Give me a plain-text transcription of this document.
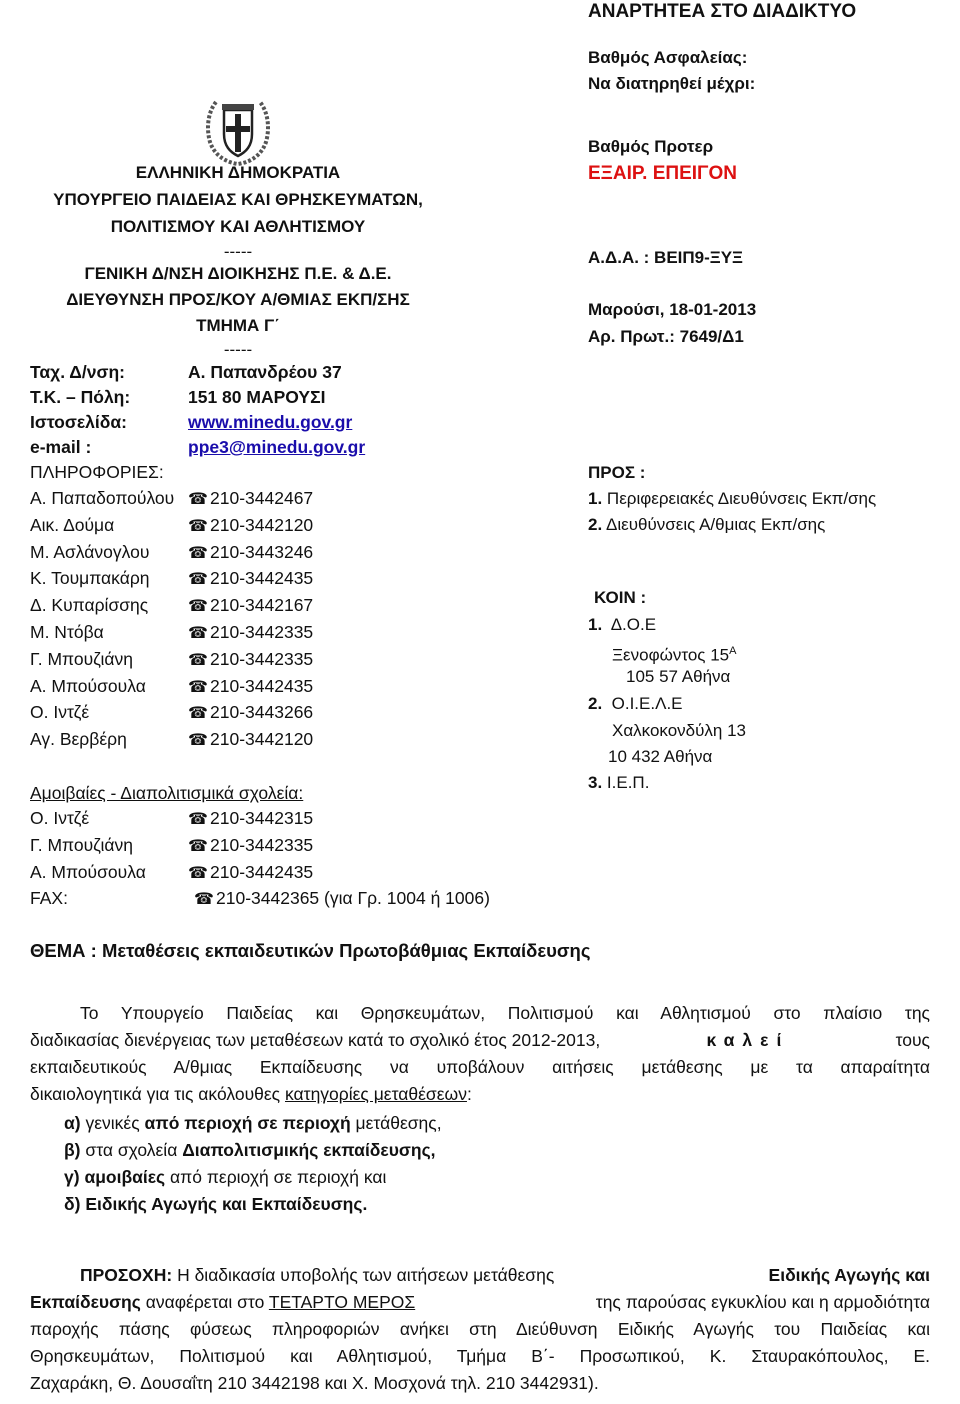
ΑΝΑΡΤΗΤΕΑ ΣΤΟ ΔΙΑΔΙΚΤΥΟ
Βαθμός Ασφαλείας:
Να διατηρηθεί μέχρι:
Βαθμός Προτερ
ΕΞΑΙΡ. ΕΠΕΙΓΟΝ
Α.Δ.Α. : ΒΕΙΠ9-ΞΥΞ
Μαρούσι, 18-01-2013
Αρ. Πρωτ.: 7649/Δ1
ΕΛΛΗΝΙΚΗ ΔΗΜΟΚΡΑΤΙΑ
ΥΠΟΥΡΓΕΙΟ ΠΑΙΔΕΙΑΣ ΚΑΙ ΘΡΗΣΚΕΥΜΑΤΩΝ,
ΠΟΛΙΤΙΣΜΟΥ ΚΑΙ ΑΘΛΗΤΙΣΜΟΥ
-----
ΓΕΝΙΚΗ Δ/ΝΣΗ ΔΙΟΙΚΗΣΗΣ Π.Ε. & Δ.Ε.
ΔΙΕΥΘΥΝΣΗ ΠΡΟΣ/ΚΟΥ Α/ΘΜΙΑΣ ΕΚΠ/ΣΗΣ
ΤΜΗΜΑ Γ΄
-----
Ταχ. Δ/νση:	Α. Παπανδρέου 37
Τ.Κ. – Πόλη:	151 80 ΜΑΡΟΥΣΙ
Ιστοσελίδα:	www.minedu.gov.gr
e-mail :	ppe3@minedu.gov.gr
ΠΛΗΡΟΦΟΡΙΕΣ:
Α. Παπαδοπούλου ☎ 210-3442467
Αικ. Δούμα	☎ 210-3442120
Μ. Ασλάνογλου ☎ 210-3443246
Κ. Τουμπακάρη ☎ 210-3442435
Δ. Κυπαρίσσης ☎ 210-3442167
Μ. Ντόβα	☎ 210-3442335
Γ. Μπουζιάνη	☎ 210-3442335
Α. Μπούσουλα	☎ 210-3442435
Ο. Ιντζέ	☎ 210-3443266
Αγ. Βερβέρη	☎ 210-3442120
Αμοιβαίες - Διαπολιτισμικά σχολεία:
Ο. Ιντζέ	☎ 210-3442315
Γ. Μπουζιάνη	☎ 210-3442335
Α. Μπούσουλα	☎ 210-3442435
FAX:	☎ 210-3442365 (για Γρ. 1004 ή 1006)
ΠΡΟΣ :
1. Περιφερειακές Διευθύνσεις Εκπ/σης
2. Διευθύνσεις Α/θμιας Εκπ/σης
ΚΟΙΝ :
1. Δ.Ο.Ε
Ξενοφώντος $15^A$
105 57 Αθήνα
2. Ο.Ι.Ε.Λ.Ε
Χαλκοκονδύλη 13
10 432 Αθήνα
3. Ι.Ε.Π.
ΘΕΜΑ : Μεταθέσεις εκπαιδευτικών Πρωτοβάθμιας Εκπαίδευσης
Το Υπουργείο Παιδείας και Θρησκευμάτων, Πολιτισμού και Αθλητισμού στο πλαίσιο της
διαδικασίας διενέργειας των μεταθέσεων κατά το σχολικό έτος 2012-2013,	καλεί	τους
εκπαιδευτικούς Α/θμιας Εκπαίδευσης να υποβάλουν αιτήσεις μετάθεσης με τα απαραίτητα
δικαιολογητικά για τις ακόλουθες κατηγορίες μεταθέσεων:
α) γενικές από περιοχή σε περιοχή μετάθεσης,
β) στα σχολεία Διαπολιτισμικής εκπαίδευσης,
γ) αμοιβαίες από περιοχή σε περιοχή και
δ) Ειδικής Αγωγής και Εκπαίδευσης.
ΠΡΟΣΟΧΗ: Η διαδικασία υποβολής των αιτήσεων μετάθεσης	Ειδικής Αγωγής και
Εκπαίδευσης αναφέρεται στο ΤΕΤΑΡΤΟ ΜΕΡΟΣ	της παρούσας εγκυκλίου και η αρμοδιότητα
παροχής πάσης φύσεως πληροφοριών ανήκει στη Διεύθυνση Ειδικής Αγωγής του Παιδείας και
Θρησκευμάτων, Πολιτισμού και Αθλητισμού, Τμήμα Β΄- Προσωπικού, Κ. Σταυρακόπουλος, Ε.
Ζαχαράκη, Θ. Δουσαΐτη 210 3442198 και Χ. Μοσχονά τηλ. 210 3442931).
